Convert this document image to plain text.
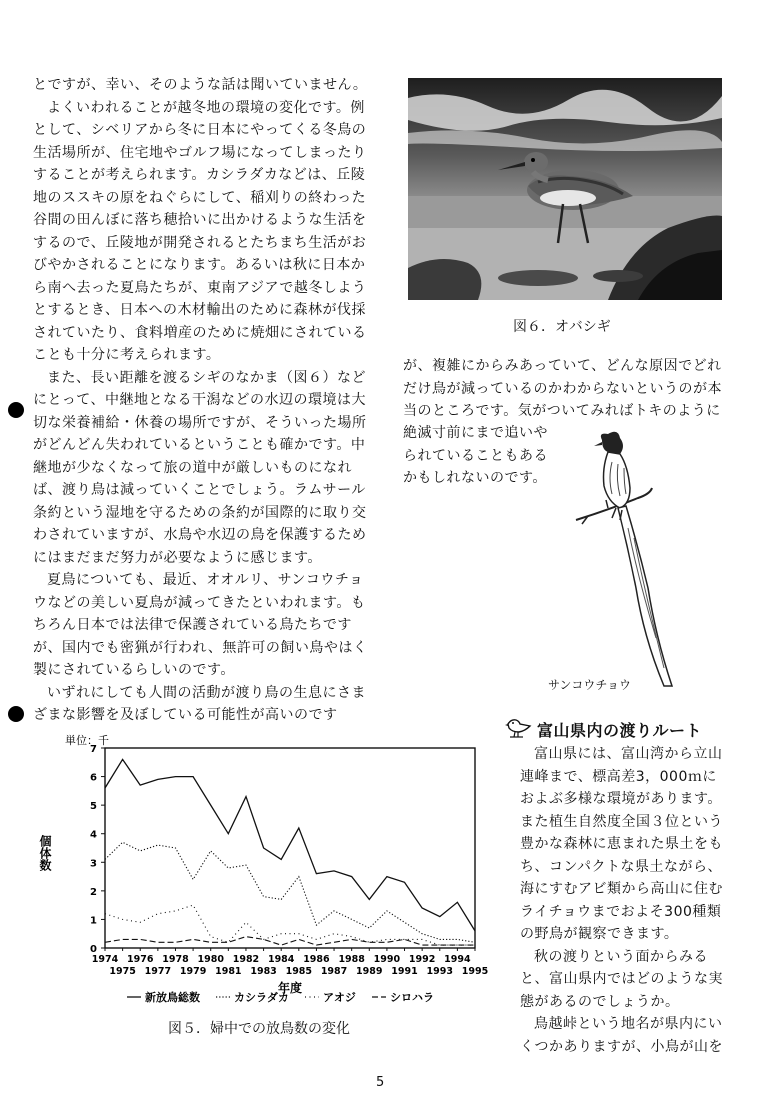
とですが、幸い、そのような話は聞いていません。

よくいわれることが越冬地の環境の変化です。例として、シベリアから冬に日本にやってくる冬鳥の生活場所が、住宅地やゴルフ場になってしまったりすることが考えられます。カシラダカなどは、丘陵地のススキの原をねぐらにして、稲刈りの終わった谷間の田んぼに落ち穂拾いに出かけるような生活をするので、丘陵地が開発されるとたちまち生活がおびやかされることになります。あるいは秋に日本から南へ去った夏鳥たちが、東南アジアで越冬しようとするとき、日本への木材輸出のために森林が伐採されていたり、食料増産のために焼畑にされていることも十分に考えられます。

また、長い距離を渡るシギのなかま（図６）などにとって、中継地となる干潟などの水辺の環境は大切な栄養補給・休養の場所ですが、そういった場所がどんどん失われているということも確かです。中継地が少なくなって旅の道中が厳しいものになれば、渡り鳥は減っていくことでしょう。ラムサール条約という湿地を守るための条約が国際的に取り交わされていますが、水鳥や水辺の鳥を保護するためにはまだまだ努力が必要なように感じます。

夏鳥についても、最近、オオルリ、サンコウチョウなどの美しい夏鳥が減ってきたといわれます。もちろん日本では法律で保護されている鳥たちですが、国内でも密猟が行われ、無許可の飼い鳥やはく製にされているらしいのです。

いずれにしても人間の活動が渡り鳥の生息にさまざまな影響を及ぼしている可能性が高いのです

図６．オバシギ
が、複雑にからみあっていて、どんな原因でどれだけ鳥が減っているのかわからないというのが本当のところです。気がついてみればトキのように
絶滅寸前にまで追いやられていることもあるかもしれないのです。
サンコウチョウ
富山県内の渡りルート

富山県には、富山湾から立山連峰まで、標高差3，000ｍにおよぶ多様な環境があります。また植生自然度全国３位という豊かな森林に恵まれた県土をもち、コンパクトな県土ながら、海にすむアビ類から高山に住むライチョウまでおよそ300種類の野鳥が観察できます。

秋の渡りという面からみると、富山県内ではどのような実態があるのでしょうか。

鳥越峠という地名が県内にいくつかありますが、小鳥が山を

単位：千
個体数
0
1
2
3
4
5
6
7
1974
1975
1976
1977
1978
1979
1980
1981
1982
1983
1984
1985
1986
1987
1988
1989
1990
1991
1992
1993
1994
1995
年度
新放鳥総数	カシラダカ	アオジ	シロハラ
図５．婦中での放鳥数の変化
5
